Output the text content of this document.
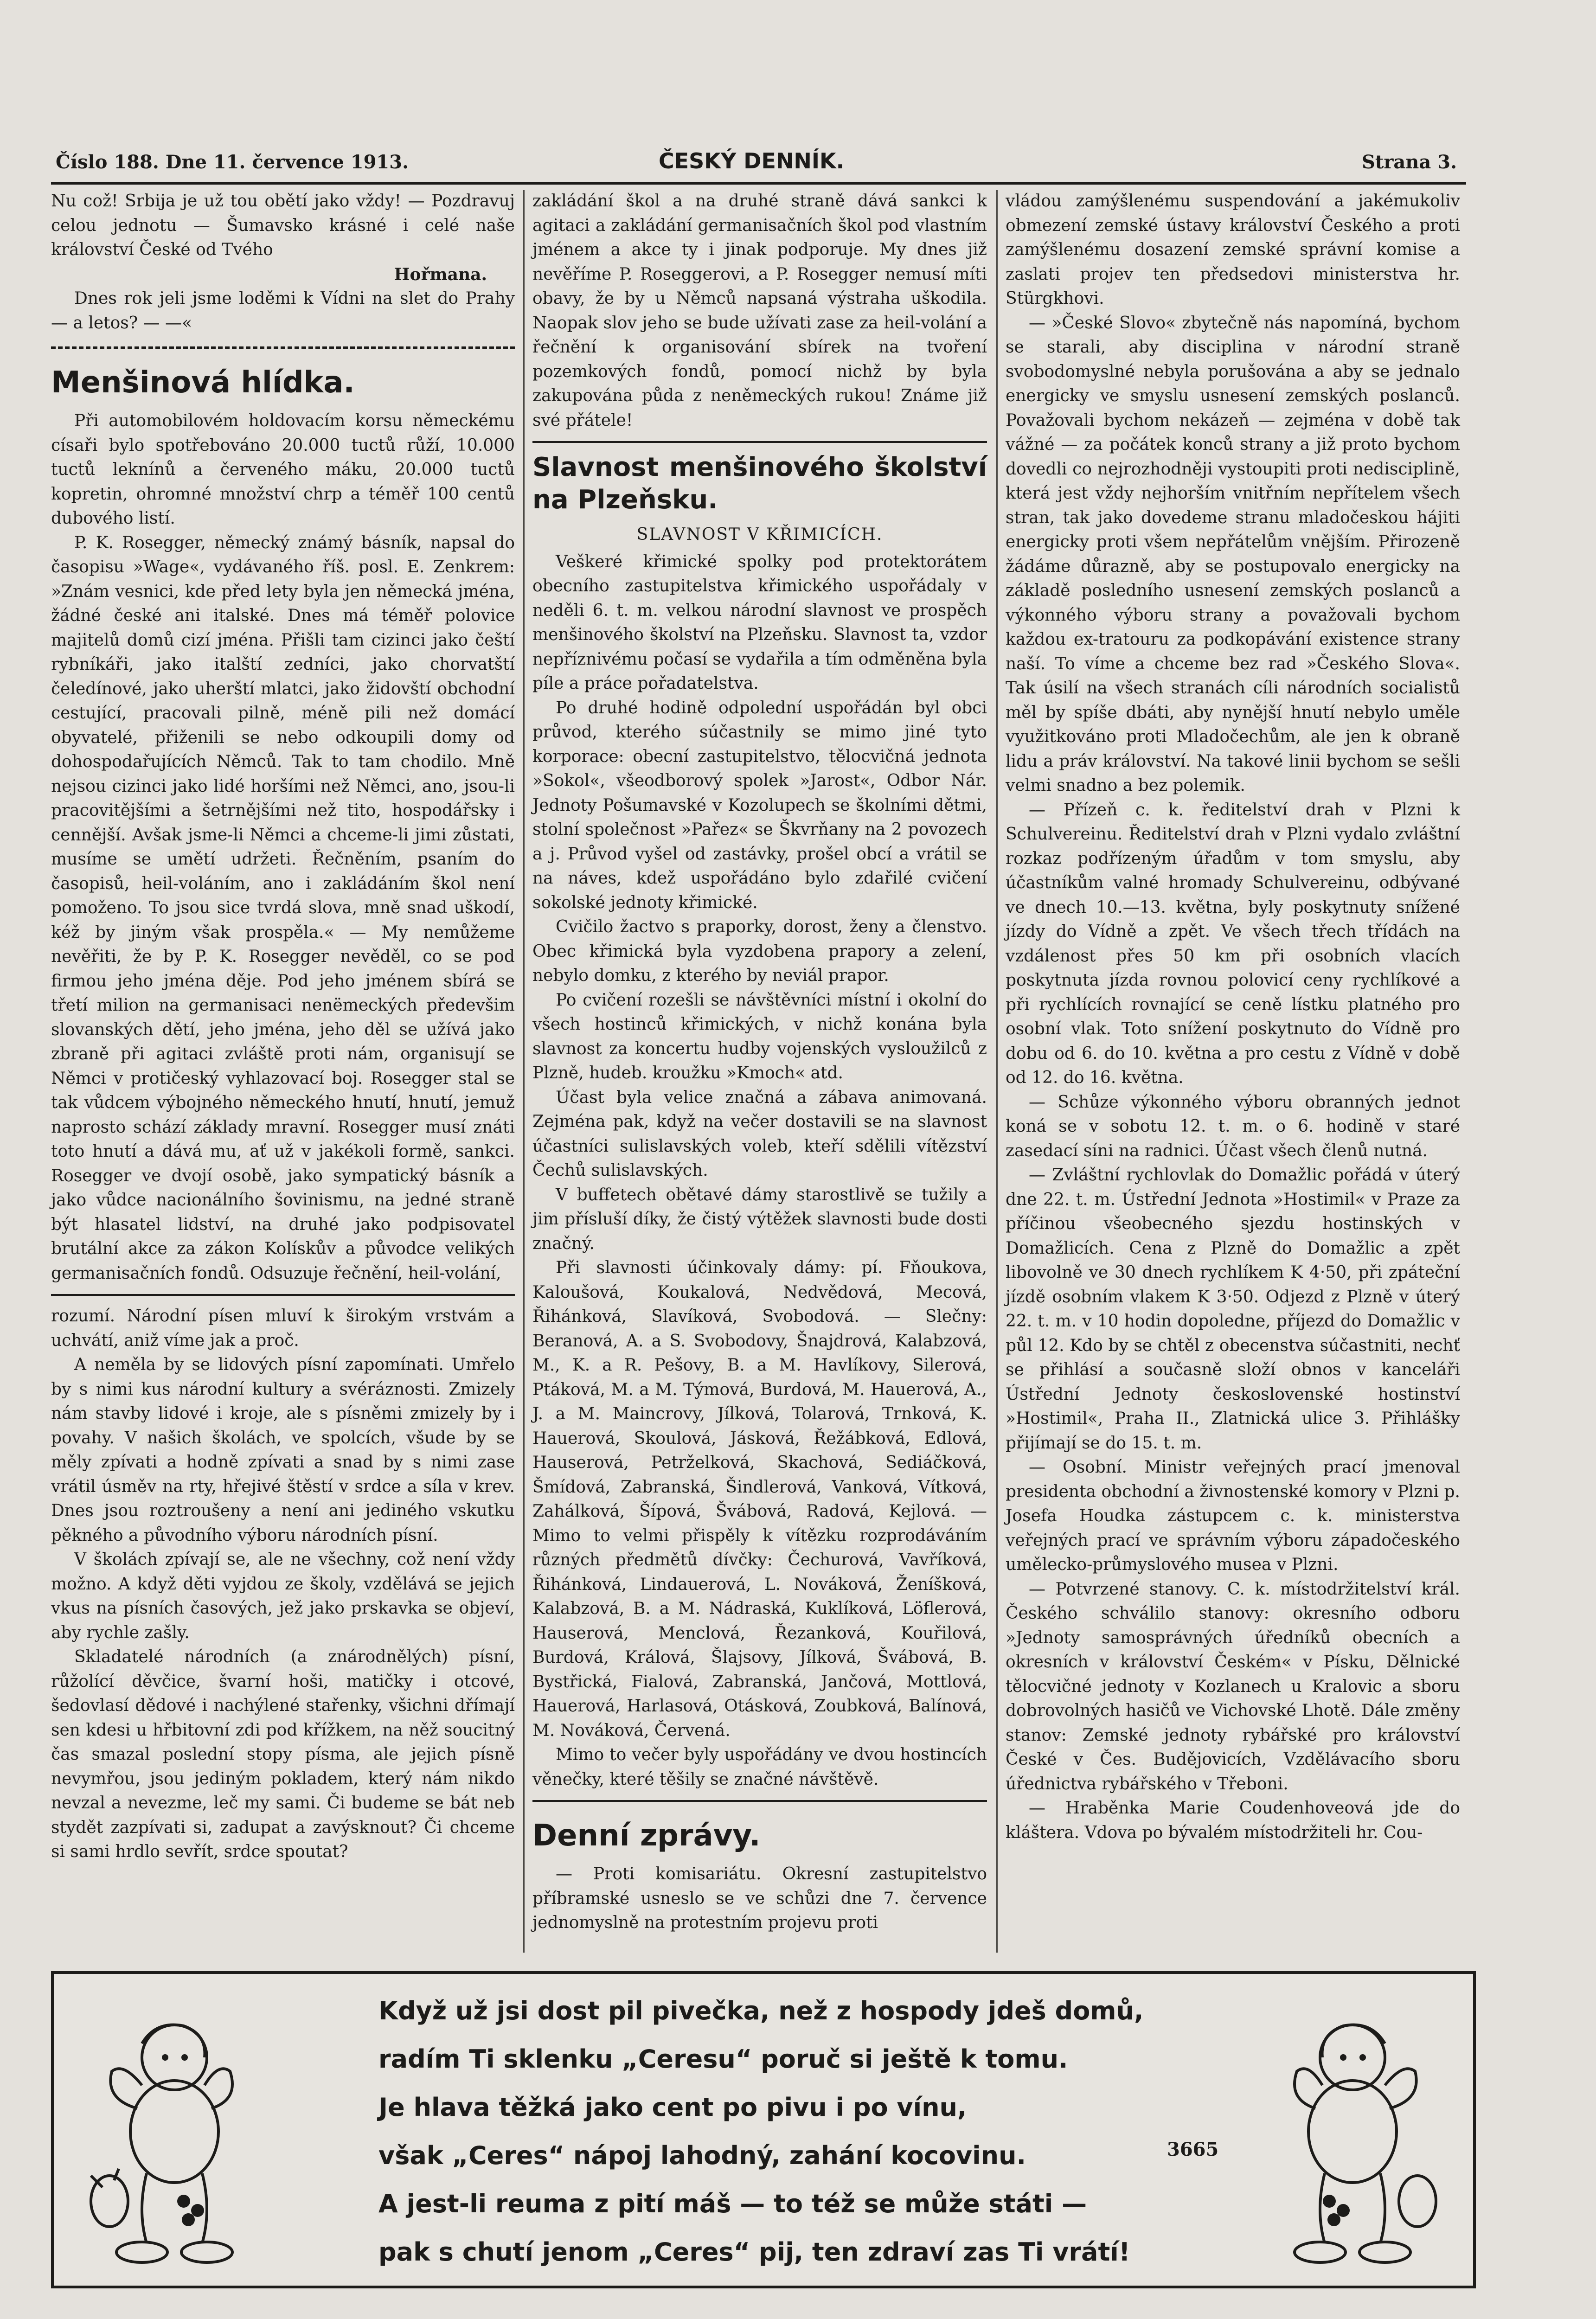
Číslo 188. Dne 11. července 1913.	ČESKÝ DENNÍK.	Strana 3.

Nu což! Srbija je už tou obětí jako vždy! — Pozdravuj celou jednotu — Šumavsko krásné i celé naše království České od Tvého

Hořmana.

Dnes rok jeli jsme loděmi k Vídni na slet do Prahy — a letos? — —«

Menšinová hlídka.

Při automobilovém holdovacím korsu německému císaři bylo spotřebováno 20.000 tuctů růží, 10.000 tuctů leknínů a červeného máku, 20.000 tuctů kopretin, ohromné množství chrp a téměř 100 centů dubového listí.

P. K. Rosegger, německý známý básník, napsal do časopisu »Wage«, vydávaného říš. posl. E. Zenkrem: »Znám vesnici, kde před lety byla jen německá jména, žádné české ani italské. Dnes má téměř polovice majitelů domů cizí jména. Přišli tam cizinci jako čeští rybníkáři, jako italští zedníci, jako chorvatští čeledínové, jako uherští mlatci, jako židovští obchodní cestující, pracovali pilně, méně pili než domácí obyvatelé, přiženili se nebo odkoupili domy od dohospodařujících Němců. Tak to tam chodilo. Mně nejsou cizinci jako lidé horšími než Němci, ano, jsou-li pracovitějšími a šetrnějšími než tito, hospodářsky i cennější. Avšak jsme-li Němci a chceme-li jimi zůstati, musíme se umětí udržeti. Řečněním, psaním do časopisů, heil-voláním, ano i zakládáním škol není pomoženo. To jsou sice tvrdá slova, mně snad uškodí, kéž by jiným však prospěla.« — My nemůžeme nevěřiti, že by P. K. Rosegger nevěděl, co se pod firmou jeho jména děje. Pod jeho jménem sbírá se třetí milion na germanisaci nenëmeckých předevšim slovanských dětí, jeho jména, jeho děl se užívá jako zbraně při agitaci zvláště proti nám, organisují se Němci v protičeský vyhlazovací boj. Rosegger stal se tak vůdcem výbojného německého hnutí, hnutí, jemuž naprosto schází základy mravní. Rosegger musí znáti toto hnutí a dává mu, ať už v jakékoli formě, sankci. Rosegger ve dvojí osobě, jako sympatický básník a jako vůdce nacionálního šovinismu, na jedné straně být hlasatel lidství, na druhé jako podpisovatel brutální akce za zákon Kolískův a původce velikých germanisačních fondů. Odsuzuje řečnění, heil-volání,

rozumí. Národní písen mluví k širokým vrstvám a uchvátí, aniž víme jak a proč.

A neměla by se lidových písní zapomínati. Umřelo by s nimi kus národní kultury a svéráznosti. Zmizely nám stavby lidové i kroje, ale s písněmi zmizely by i povahy. V našich školách, ve spolcích, všude by se měly zpívati a hodně zpívati a snad by s nimi zase vrátil úsměv na rty, hřejivé štěstí v srdce a síla v krev. Dnes jsou roztroušeny a není ani jediného vskutku pěkného a původního výboru národních písní.

V školách zpívají se, ale ne všechny, což není vždy možno. A když děti vyjdou ze školy, vzdělává se jejich vkus na písních časových, jež jako prskavka se objeví, aby rychle zašly.

Skladatelé národních (a znárodnělých) písní, růžolící děvčice, švarní hoši, matičky i otcové, šedovlasí dědové i nachýlené stařenky, všichni dřímají sen kdesi u hřbitovní zdi pod křížkem, na něž soucitný čas smazal poslední stopy písma, ale jejich písně nevymřou, jsou jediným pokladem, který nám nikdo nevzal a nevezme, leč my sami. Či budeme se bát neb stydět zazpívati si, zadupat a zavýsknout? Či chceme si sami hrdlo sevřít, srdce spoutat?

zakládání škol a na druhé straně dává sankci k agitaci a zakládání germanisačních škol pod vlastním jménem a akce ty i jinak podporuje. My dnes již nevěříme P. Roseggerovi, a P. Rosegger nemusí míti obavy, že by u Němců napsaná výstraha uškodila. Naopak slov jeho se bude užívati zase za heil-volání a řečnění k organisování sbírek na tvoření pozemkových fondů, pomocí nichž by byla zakupována půda z neněmeckých rukou! Známe již své přátele!

Slavnost menšinového školství na Plzeňsku.

SLAVNOST V KŘIMICÍCH.

Veškeré křimické spolky pod protektorátem obecního zastupitelstva křimického uspořádaly v neděli 6. t. m. velkou národní slavnost ve prospěch menšinového školství na Plzeňsku. Slavnost ta, vzdor nepříznivému počasí se vydařila a tím odměněna byla píle a práce pořadatelstva.

Po druhé hodině odpolední uspořádán byl obci průvod, kterého súčastnily se mimo jiné tyto korporace: obecní zastupitelstvo, tělocvičná jednota »Sokol«, všeodborový spolek »Jarost«, Odbor Nár. Jednoty Pošumavské v Kozolupech se školními dětmi, stolní společnost »Pařez« se Škvrňany na 2 povozech a j. Průvod vyšel od zastávky, prošel obcí a vrátil se na náves, kdež uspořádáno bylo zdařilé cvičení sokolské jednoty křimické.

Cvičilo žactvo s praporky, dorost, ženy a členstvo. Obec křimická byla vyzdobena prapory a zelení, nebylo domku, z kterého by neviál prapor.

Po cvičení rozešli se návštěvníci místní i okolní do všech hostinců křimických, v nichž konána byla slavnost za koncertu hudby vojenských vysloužilců z Plzně, hudeb. kroužku »Kmoch« atd.

Účast byla velice značná a zábava animovaná. Zejména pak, když na večer dostavili se na slavnost účastníci sulislavských voleb, kteří sdělili vítězství Čechů sulislavských.

V buffetech obětavé dámy starostlivě se tužily a jim přísluší díky, že čistý výtěžek slavnosti bude dosti značný.

Při slavnosti účinkovaly dámy: pí. Fňoukova, Kaloušová, Koukalová, Nedvědová, Mecová, Řihánková, Slavíková, Svobodová. — Slečny: Beranová, A. a S. Svobodovy, Šnajdrová, Kalabzová, M., K. a R. Pešovy, B. a M. Havlíkovy, Silerová, Ptáková, M. a M. Týmová, Burdová, M. Hauerová, A., J. a M. Maincrovy, Jílková, Tolarová, Trnková, K. Hauerová, Skoulová, Jásková, Řežábková, Edlová, Hauserová, Petrželková, Skachová, Sediáčková, Šmídová, Zabranská, Šindlerová, Vanková, Vítková, Zahálková, Šípová, Švábová, Radová, Kejlová. — Mimo to velmi přispěly k vítězku rozprodáváním různých předmětů dívčky: Čechurová, Vavříková, Řihánková, Lindauerová, L. Nováková, Ženíšková, Kalabzová, B. a M. Nádraská, Kuklíková, Löflerová, Hauserová, Menclová, Řezanková, Kouřilová, Burdová, Králová, Šlajsovy, Jílková, Švábová, B. Bystřická, Fialová, Zabranská, Jančová, Mottlová, Hauerová, Harlasová, Otásková, Zoubková, Balínová, M. Nováková, Červená.

Mimo to večer byly uspořádány ve dvou hostincích věnečky, které těšily se značné návštěvě.

Denní zprávy.

— Proti komisariátu. Okresní zastupitelstvo příbramské usneslo se ve schůzi dne 7. července jednomyslně na protestním projevu proti

vládou zamýšlenému suspendování a jakémukoliv obmezení zemské ústavy království Českého a proti zamýšlenému dosazení zemské správní komise a zaslati projev ten předsedovi ministerstva hr. Stürgkhovi.

— »České Slovo« zbytečně nás napomíná, bychom se starali, aby disciplina v národní straně svobodomyslné nebyla porušována a aby se jednalo energicky ve smyslu usnesení zemských poslanců. Považovali bychom nekázeň — zejména v době tak vážné — za počátek konců strany a již proto bychom dovedli co nejrozhodněji vystoupiti proti nedisciplině, která jest vždy nejhorším vnitřním nepřítelem všech stran, tak jako dovedeme stranu mladočeskou hájiti energicky proti všem nepřátelům vnějším. Přirozeně žádáme důrazně, aby se postupovalo energicky na základě posledního usnesení zemských poslanců a výkonného výboru strany a považovali bychom každou ex-tratouru za podkopávání existence strany naší. To víme a chceme bez rad »Českého Slova«. Tak úsilí na všech stranách cíli národních socialistů měl by spíše dbáti, aby nynější hnutí nebylo uměle využitkováno proti Mladočechům, ale jen k obraně lidu a práv království. Na takové linii bychom se sešli velmi snadno a bez polemik.

— Přízeň c. k. ředitelství drah v Plzni k Schulvereinu. Ředitelství drah v Plzni vydalo zvláštní rozkaz podřízeným úřadům v tom smyslu, aby účastníkům valné hromady Schulvereinu, odbývané ve dnech 10.—13. května, byly poskytnuty snížené jízdy do Vídně a zpět. Ve všech třech třídách na vzdálenost přes 50 km při osobních vlacích poskytnuta jízda rovnou polovicí ceny rychlíkové a při rychlících rovnající se ceně lístku platného pro osobní vlak. Toto snížení poskytnuto do Vídně pro dobu od 6. do 10. května a pro cestu z Vídně v době od 12. do 16. května.

— Schůze výkonného výboru obranných jednot koná se v sobotu 12. t. m. o 6. hodině v staré zasedací síni na radnici. Účast všech členů nutná.

— Zvláštní rychlovlak do Domažlic pořádá v úterý dne 22. t. m. Ústřední Jednota »Hostimil« v Praze za příčinou všeobecného sjezdu hostinských v Domažlicích. Cena z Plzně do Domažlic a zpět libovolně ve 30 dnech rychlíkem K 4·50, při zpáteční jízdě osobním vlakem K 3·50. Odjezd z Plzně v úterý 22. t. m. v 10 hodin dopoledne, příjezd do Domažlic v půl 12. Kdo by se chtěl z obecenstva súčastniti, nechť se přihlásí a současně složí obnos v kanceláři Ústřední Jednoty československé hostinství »Hostimil«, Praha II., Zlatnická ulice 3. Přihlášky přijímají se do 15. t. m.

— Osobní. Ministr veřejných prací jmenoval presidenta obchodní a živnostenské komory v Plzni p. Josefa Houdka zástupcem c. k. ministerstva veřejných prací ve správním výboru západočeského umělecko-průmyslového musea v Plzni.

— Potvrzené stanovy. C. k. místodržitelství král. Českého schválilo stanovy: okresního odboru »Jednoty samosprávných úředníků obecních a okresních v království Českém« v Písku, Dělnické tělocvičné jednoty v Kozlanech u Kralovic a sboru dobrovolných hasičů ve Vichovské Lhotě. Dále změny stanov: Zemské jednoty rybářské pro království České v Čes. Budějovicích, Vzdělávacího sboru úřednictva rybářského v Třeboni.

— Hraběnka Marie Coudenhoveová jde do kláštera. Vdova po bývalém místodržiteli hr. Cou-

Když už jsi dost pil pivečka, než z hospody jdeš domů,
radím Ti sklenku „Ceresu“ poruč si ještě k tomu.
Je hlava těžká jako cent po pivu i po vínu,
však „Ceres“ nápoj lahodný, zahání kocovinu.
A jest-li reuma z pití máš — to též se může státi —
pak s chutí jenom „Ceres“ pij, ten zdraví zas Ti vrátí!
3665
